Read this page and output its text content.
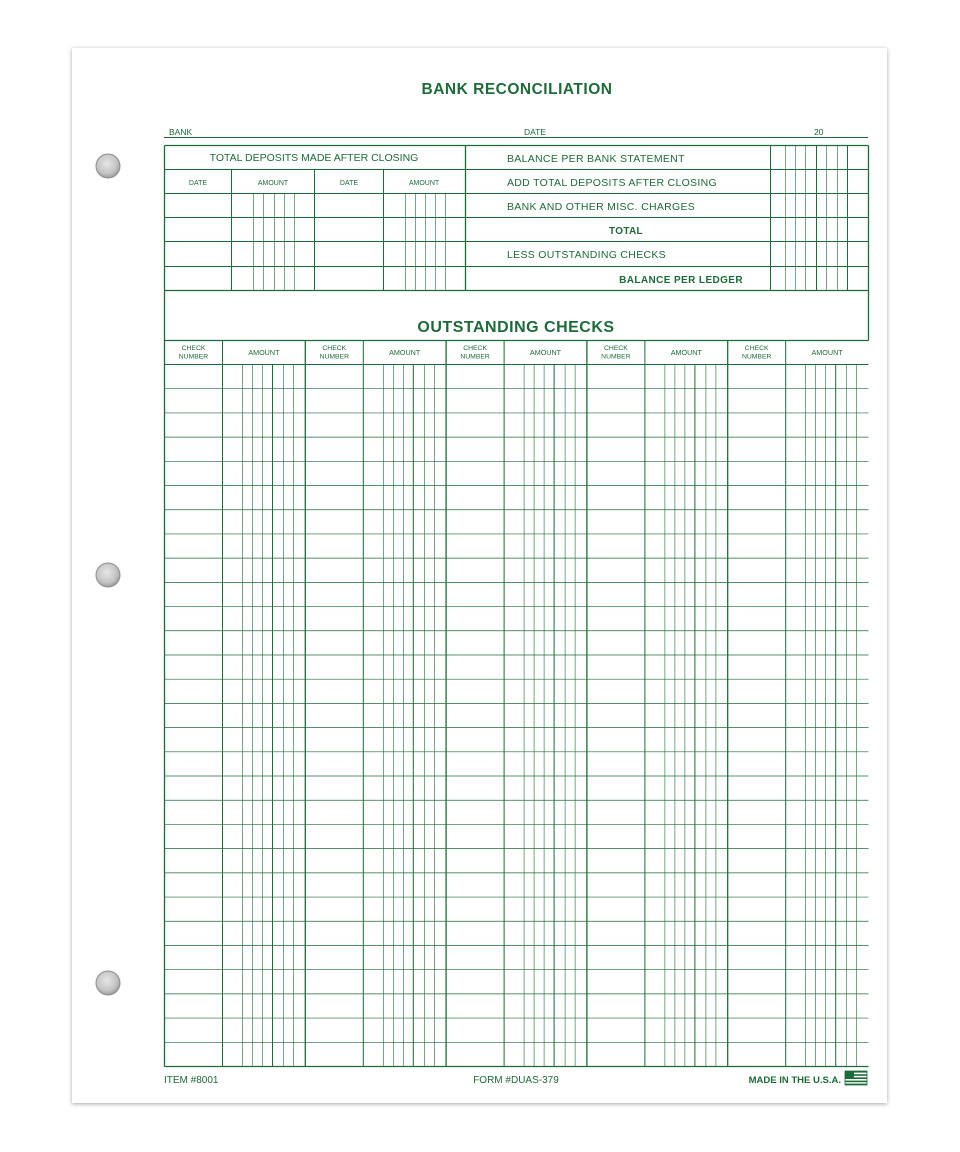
BANK RECONCILIATION
BANK	DATE	20
TOTAL DEPOSITS MADE AFTER CLOSING
DATE	AMOUNT	DATE	AMOUNT
BALANCE PER BANK STATEMENT
ADD TOTAL DEPOSITS AFTER CLOSING
BANK AND OTHER MISC. CHARGES
TOTAL
LESS OUTSTANDING CHECKS
BALANCE PER LEDGER
OUTSTANDING CHECKS
CHECK
NUMBER	AMOUNT	CHECK
NUMBER	AMOUNT	CHECK
NUMBER	AMOUNT	CHECK
NUMBER	AMOUNT	CHECK
NUMBER	AMOUNT
ITEM #8001	FORM #DUAS-379	MADE IN THE U.S.A.
